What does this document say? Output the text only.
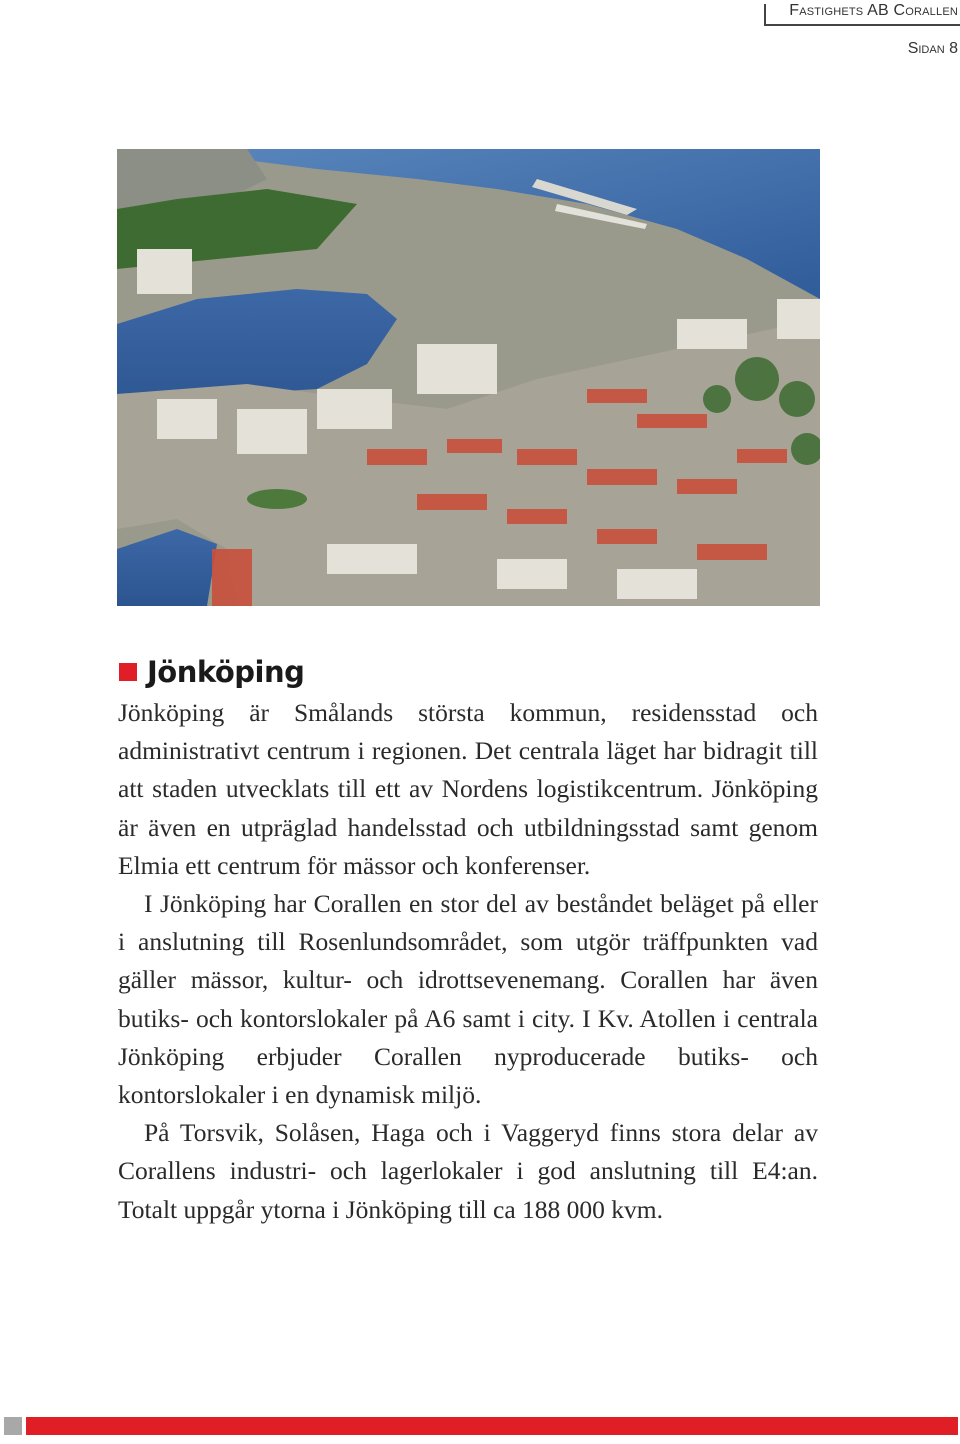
Fastighets AB Corallen
Sidan 8
Jönköping

Jönköping är Smålands största kommun, residensstad och administrativt centrum i regionen. Det centrala läget har bidragit till att staden utvecklats till ett av Nordens logistikcentrum. Jönköping är även en utpräglad handelsstad och utbildningsstad samt genom Elmia ett centrum för mässor och konferenser.

I Jönköping har Corallen en stor del av beståndet beläget på eller i anslutning till Rosenlundsområdet, som utgör träffpunkten vad gäller mässor, kultur- och idrottsevenemang. Corallen har även butiks- och kontorslokaler på A6 samt i city. I Kv. Atollen i centrala Jönköping erbjuder Corallen nyproducerade butiks- och kontorslokaler i en dynamisk miljö.

På Torsvik, Solåsen, Haga och i Vaggeryd finns stora delar av Corallens industri- och lagerlokaler i god anslutning till E4:an. Totalt uppgår ytorna i Jönköping till ca 188 000 kvm.
